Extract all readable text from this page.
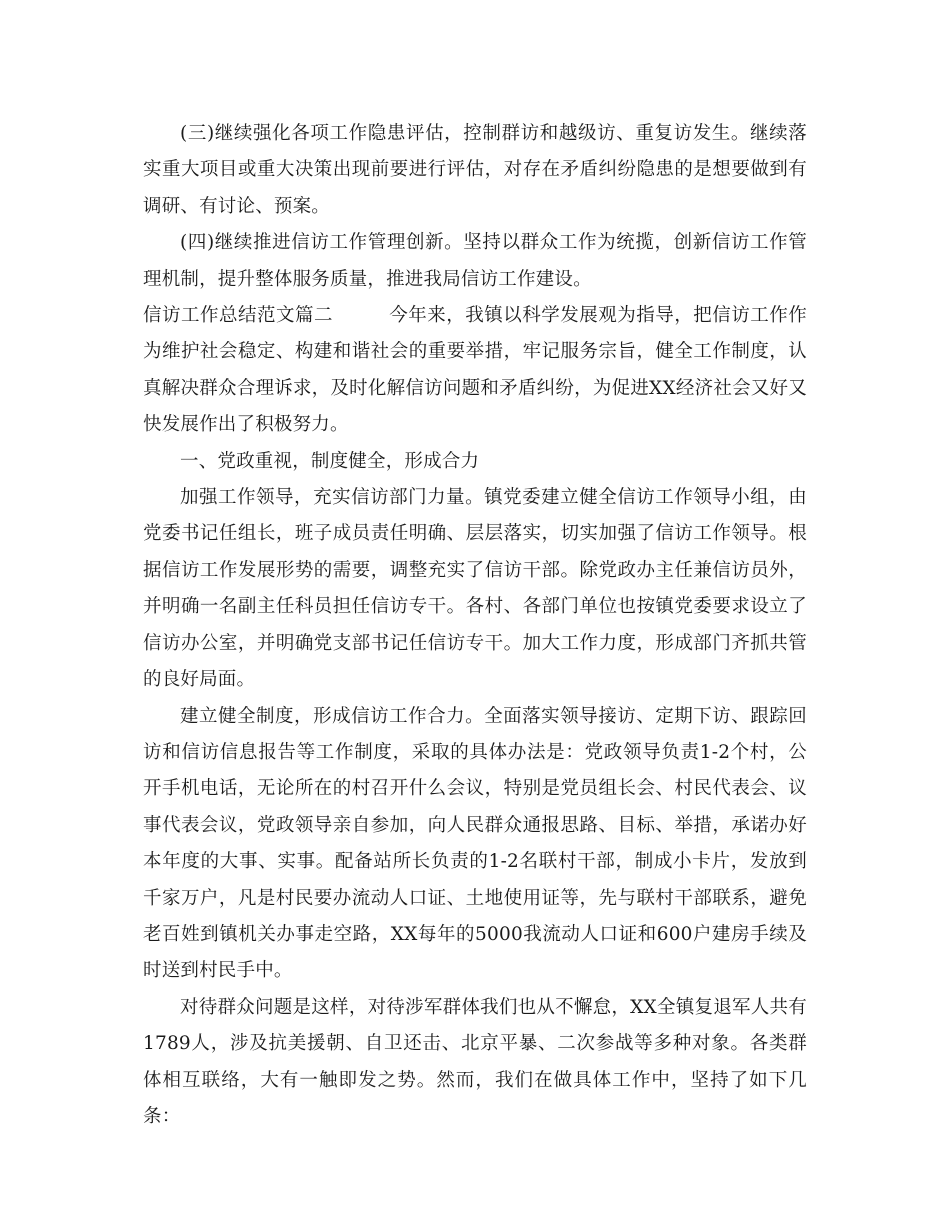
(三)继续强化各项工作隐患评估，控制群访和越级访、重复访发生。继续落实重大项目或重大决策出现前要进行评估，对存在矛盾纠纷隐患的是想要做到有调研、有讨论、预案。

(四)继续推进信访工作管理创新。坚持以群众工作为统揽，创新信访工作管理机制，提升整体服务质量，推进我局信访工作建设。

信访工作总结范文篇二	今年来，我镇以科学发展观为指导，把信访工作作为维护社会稳定、构建和谐社会的重要举措，牢记服务宗旨，健全工作制度，认真解决群众合理诉求，及时化解信访问题和矛盾纠纷，为促进XX经济社会又好又快发展作出了积极努力。

一、党政重视，制度健全，形成合力

加强工作领导，充实信访部门力量。镇党委建立健全信访工作领导小组，由党委书记任组长，班子成员责任明确、层层落实，切实加强了信访工作领导。根据信访工作发展形势的需要，调整充实了信访干部。除党政办主任兼信访员外，并明确一名副主任科员担任信访专干。各村、各部门单位也按镇党委要求设立了信访办公室，并明确党支部书记任信访专干。加大工作力度，形成部门齐抓共管的良好局面。

建立健全制度，形成信访工作合力。全面落实领导接访、定期下访、跟踪回访和信访信息报告等工作制度，采取的具体办法是：党政领导负责1-2个村，公开手机电话，无论所在的村召开什么会议，特别是党员组长会、村民代表会、议事代表会议，党政领导亲自参加，向人民群众通报思路、目标、举措，承诺办好本年度的大事、实事。配备站所长负责的1-2名联村干部，制成小卡片，发放到千家万户，凡是村民要办流动人口证、土地使用证等，先与联村干部联系，避免老百姓到镇机关办事走空路，XX每年的5000我流动人口证和600户建房手续及时送到村民手中。

对待群众问题是这样，对待涉军群体我们也从不懈怠，XX全镇复退军人共有1789人，涉及抗美援朝、自卫还击、北京平暴、二次参战等多种对象。各类群体相互联络，大有一触即发之势。然而，我们在做具体工作中，坚持了如下几条：
